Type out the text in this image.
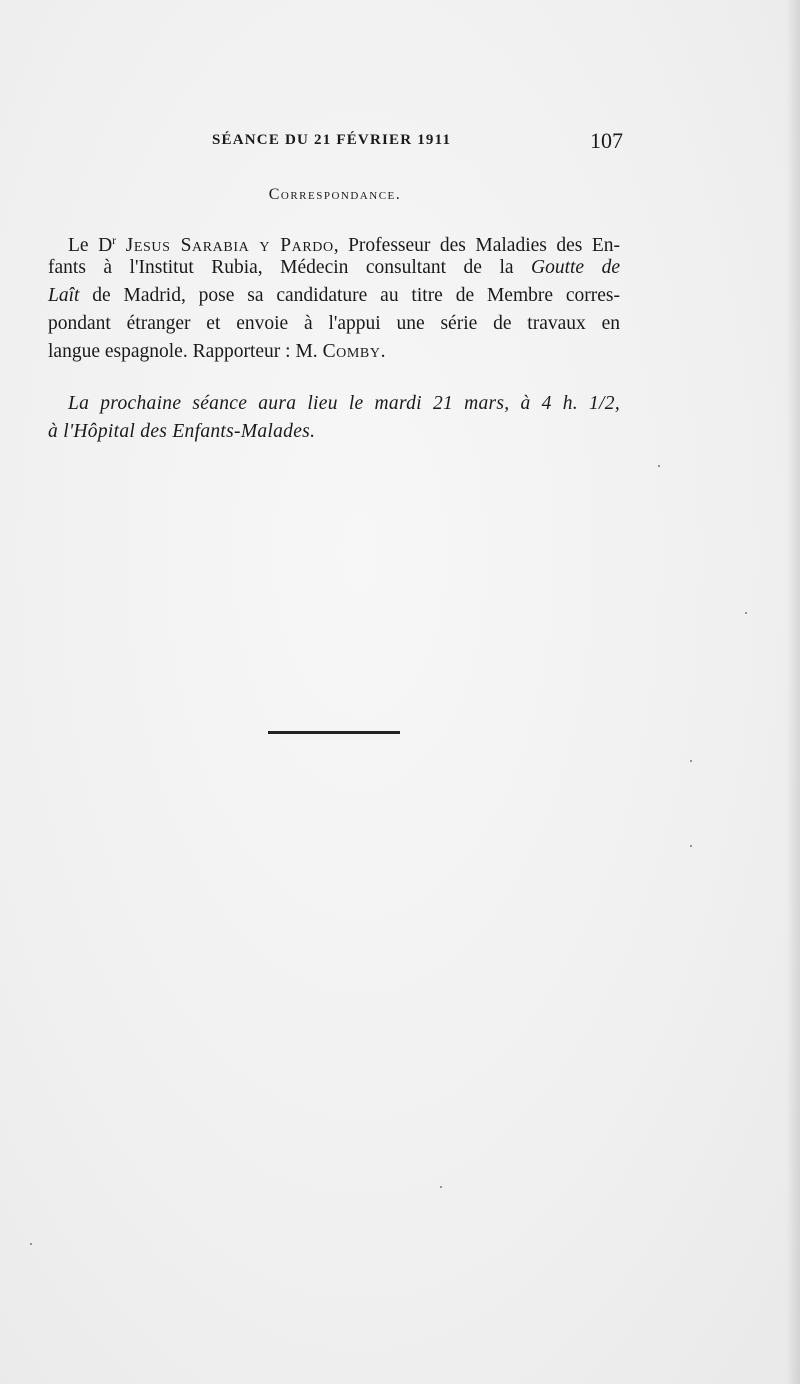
SÉANCE DU 21 FÉVRIER 1911	107
Correspondance.
Le $D^r$ Jesus Sarabia y Pardo, Professeur des Maladies des En-
fants à l'Institut Rubia, Médecin consultant de la Goutte de
Laît de Madrid, pose sa candidature au titre de Membre corres-
pondant étranger et envoie à l'appui une série de travaux en
langue espagnole. Rapporteur : M. Comby.
La prochaine séance aura lieu le mardi 21 mars, à 4 h. 1/2,
à l'Hôpital des Enfants-Malades.
